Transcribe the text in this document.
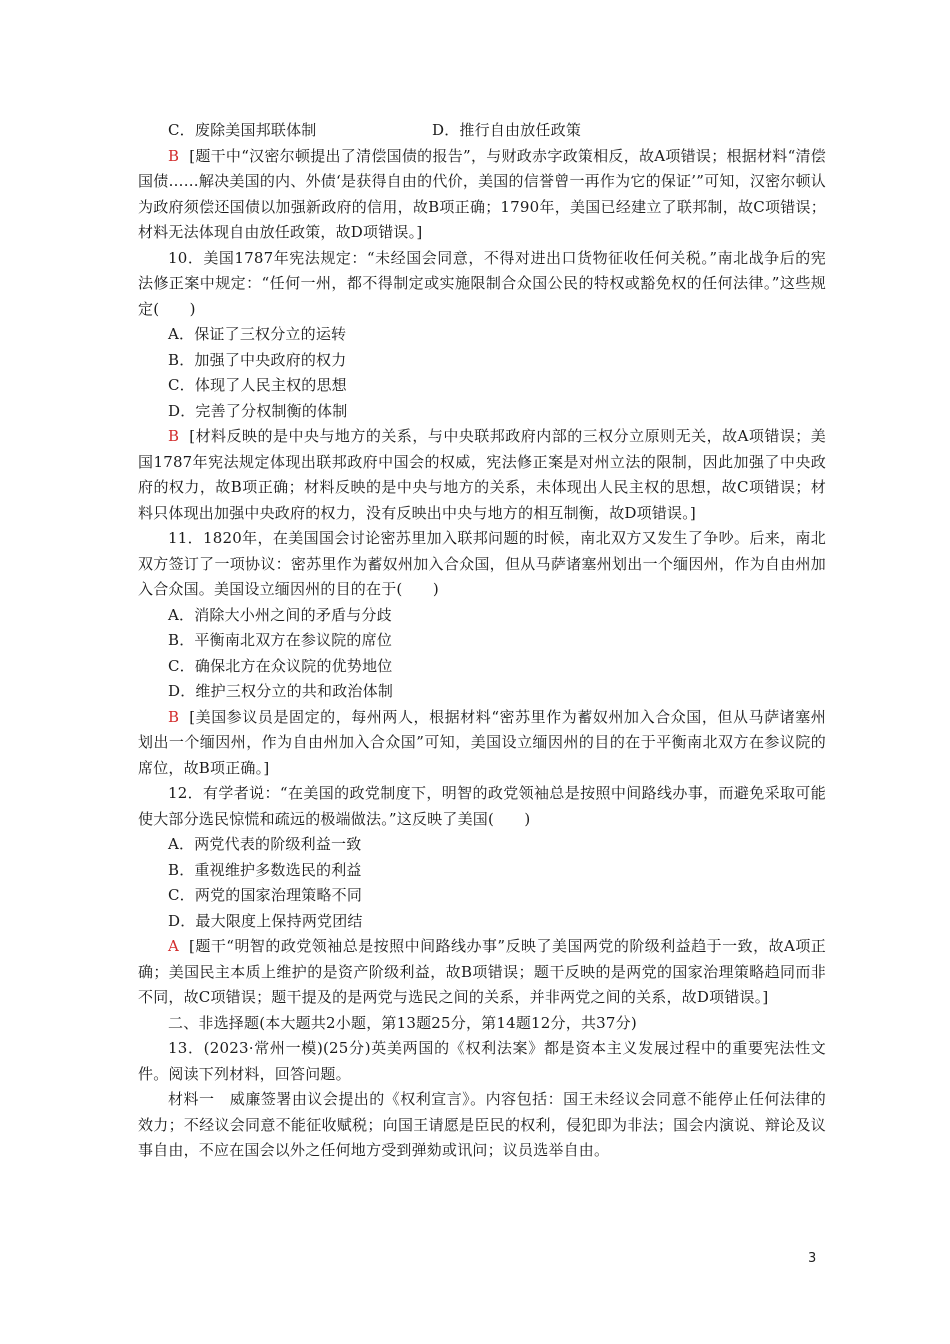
C．废除美国邦联体制	D．推行自由放任政策

B [题干中“汉密尔顿提出了清偿国债的报告”，与财政赤字政策相反，故A项错误；根据材料“清偿国债……解决美国的内、外债‘是获得自由的代价，美国的信誉曾一再作为它的保证’”可知，汉密尔顿认为政府须偿还国债以加强新政府的信用，故B项正确；1790年，美国已经建立了联邦制，故C项错误；材料无法体现自由放任政策，故D项错误。]

10．美国1787年宪法规定：“未经国会同意，不得对进出口货物征收任何关税。”南北战争后的宪法修正案中规定：“任何一州，都不得制定或实施限制合众国公民的特权或豁免权的任何法律。”这些规定(　　)

A．保证了三权分立的运转
B．加强了中央政府的权力
C．体现了人民主权的思想
D．完善了分权制衡的体制

B [材料反映的是中央与地方的关系，与中央联邦政府内部的三权分立原则无关，故A项错误；美国1787年宪法规定体现出联邦政府中国会的权威，宪法修正案是对州立法的限制，因此加强了中央政府的权力，故B项正确；材料反映的是中央与地方的关系，未体现出人民主权的思想，故C项错误；材料只体现出加强中央政府的权力，没有反映出中央与地方的相互制衡，故D项错误。]

11．1820年，在美国国会讨论密苏里加入联邦问题的时候，南北双方又发生了争吵。后来，南北双方签订了一项协议：密苏里作为蓄奴州加入合众国，但从马萨诸塞州划出一个缅因州，作为自由州加入合众国。美国设立缅因州的目的在于(　　)

A．消除大小州之间的矛盾与分歧
B．平衡南北双方在参议院的席位
C．确保北方在众议院的优势地位
D．维护三权分立的共和政治体制

B [美国参议员是固定的，每州两人，根据材料“密苏里作为蓄奴州加入合众国，但从马萨诸塞州划出一个缅因州，作为自由州加入合众国”可知，美国设立缅因州的目的在于平衡南北双方在参议院的席位，故B项正确。]

12．有学者说：“在美国的政党制度下，明智的政党领袖总是按照中间路线办事，而避免采取可能使大部分选民惊慌和疏远的极端做法。”这反映了美国(　　)

A．两党代表的阶级利益一致
B．重视维护多数选民的利益
C．两党的国家治理策略不同
D．最大限度上保持两党团结

A [题干“明智的政党领袖总是按照中间路线办事”反映了美国两党的阶级利益趋于一致，故A项正确；美国民主本质上维护的是资产阶级利益，故B项错误；题干反映的是两党的国家治理策略趋同而非不同，故C项错误；题干提及的是两党与选民之间的关系，并非两党之间的关系，故D项错误。]

二、非选择题(本大题共2小题，第13题25分，第14题12分，共37分)

13．(2023·常州一模)(25分)英美两国的《权利法案》都是资本主义发展过程中的重要宪法性文件。阅读下列材料，回答问题。

材料一　威廉签署由议会提出的《权利宣言》。内容包括：国王未经议会同意不能停止任何法律的效力；不经议会同意不能征收赋税；向国王请愿是臣民的权利，侵犯即为非法；国会内演说、辩论及议事自由，不应在国会以外之任何地方受到弹劾或讯问；议员选举自由。

3
